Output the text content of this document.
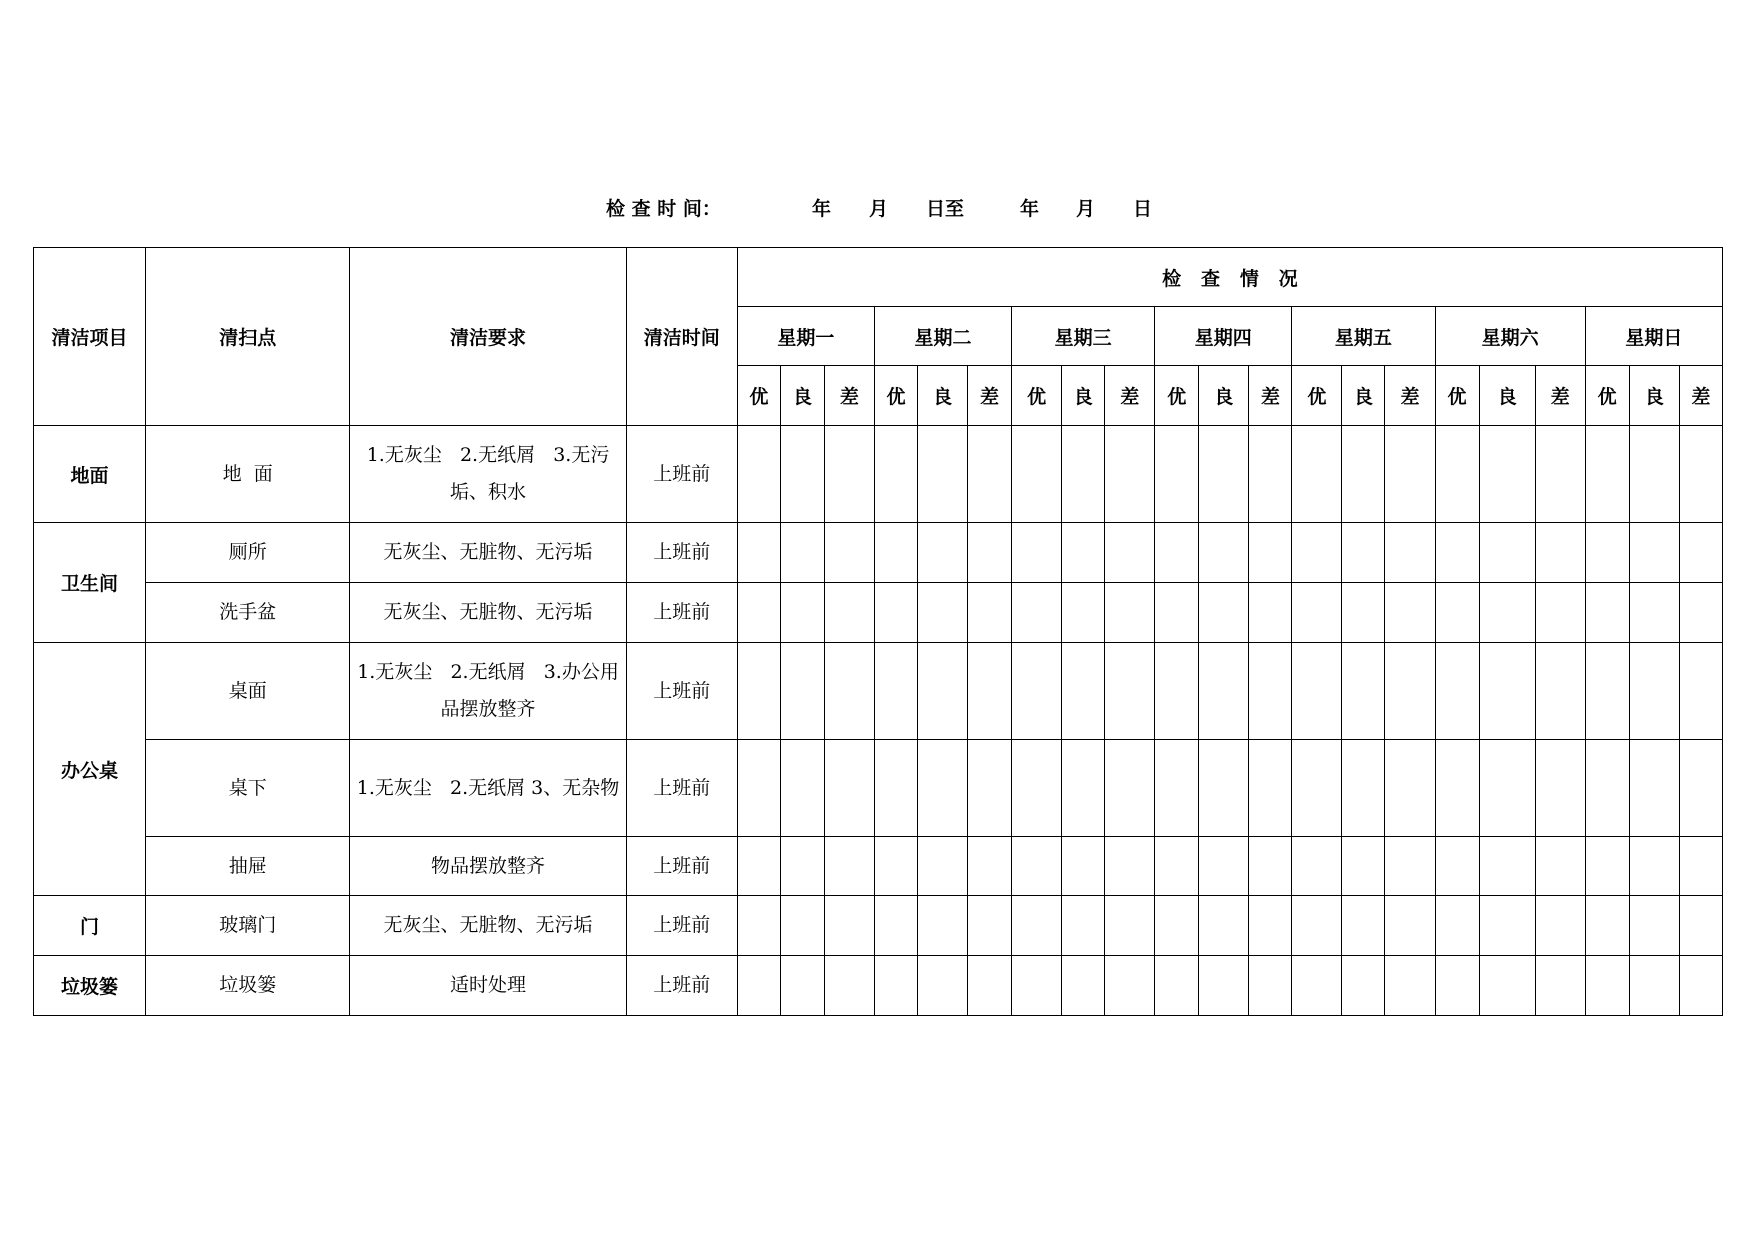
检 查 时 间：	年 月 日至	年 月 日
清洁项目	清扫点	清洁要求	清洁时间	检   查   情   况																				
				星期一			星期二			星期三			星期四			星期五			星期六			星期日		
				优	良	差	优	良	差	优	良	差	优	良	差	优	良	差	优	良	差	优	良	差
地面	地  面	1.无灰尘   2.无纸屑   3.无污垢、积水	上班前																					
卫生间	厕所	无灰尘、无脏物、无污垢	上班前																					
	洗手盆	无灰尘、无脏物、无污垢	上班前																					
办公桌	桌面	1.无灰尘   2.无纸屑   3.办公用品摆放整齐	上班前																					
	桌下	1.无灰尘   2.无纸屑 3、无杂物	上班前																					
	抽屉	物品摆放整齐	上班前																					
门	玻璃门	无灰尘、无脏物、无污垢	上班前																					
垃圾篓	垃圾篓	适时处理	上班前																					
